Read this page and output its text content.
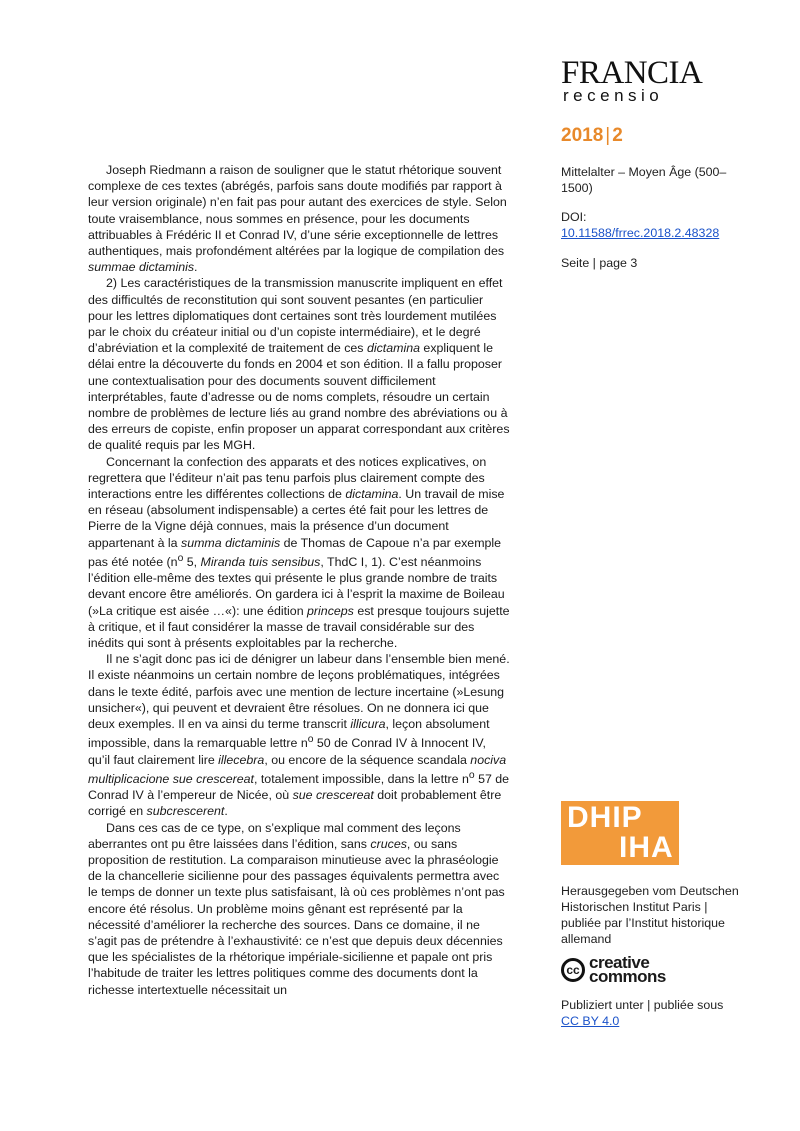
FRANCIA
recensio
2018 | 2
Mittelalter – Moyen Âge (500–1500)
DOI:
10.11588/frrec.2018.2.48328
Seite | page 3

Joseph Riedmann a raison de souligner que le statut rhétorique souvent complexe de ces textes (abrégés, parfois sans doute modifiés par rapport à leur version originale) n’en fait pas pour autant des exercices de style. Selon toute vraisemblance, nous sommes en présence, pour les documents attribuables à Frédéric II et Conrad IV, d’une série exceptionnelle de lettres authentiques, mais profondément altérées par la logique de compilation des summae dictaminis.

2) Les caractéristiques de la transmission manuscrite impliquent en effet des difficultés de reconstitution qui sont souvent pesantes (en particulier pour les lettres diplomatiques dont certaines sont très lourdement mutilées par le choix du créateur initial ou d’un copiste intermédiaire), et le degré d’abréviation et la complexité de traitement de ces dictamina expliquent le délai entre la découverte du fonds en 2004 et son édition. Il a fallu proposer une contextualisation pour des documents souvent difficilement interprétables, faute d’adresse ou de noms complets, résoudre un certain nombre de problèmes de lecture liés au grand nombre des abréviations ou à des erreurs de copiste, enfin proposer un apparat correspondant aux critères de qualité requis par les MGH.

Concernant la confection des apparats et des notices explicatives, on regrettera que l’éditeur n’ait pas tenu parfois plus clairement compte des interactions entre les différentes collections de dictamina. Un travail de mise en réseau (absolument indispensable) a certes été fait pour les lettres de Pierre de la Vigne déjà connues, mais la présence d’un document appartenant à la summa dictaminis de Thomas de Capoue n’a par exemple pas été notée ($n^o$ 5, Miranda tuis sensibus, ThdC I, 1). C’est néanmoins l’édition elle-même des textes qui présente le plus grande nombre de traits devant encore être améliorés. On gardera ici à l’esprit la maxime de Boileau (»La critique est aisée …«): une édition princeps est presque toujours sujette à critique, et il faut considérer la masse de travail considérable sur des inédits qui sont à présents exploitables par la recherche.

Il ne s’agit donc pas ici de dénigrer un labeur dans l’ensemble bien mené. Il existe néanmoins un certain nombre de leçons problématiques, intégrées dans le texte édité, parfois avec une mention de lecture incertaine (»Lesung unsicher«), qui peuvent et devraient être résolues. On ne donnera ici que deux exemples. Il en va ainsi du terme transcrit illicura, leçon absolument impossible, dans la remarquable lettre $n^o$ 50 de Conrad IV à Innocent IV, qu’il faut clairement lire illecebra, ou encore de la séquence scandala nociva multiplicacione sue crescereat, totalement impossible, dans la lettre $n^o$ 57 de Conrad IV à l’empereur de Nicée, où sue crescereat doit probablement être corrigé en subcrescerent.

Dans ces cas de ce type, on s’explique mal comment des leçons aberrantes ont pu être laissées dans l’édition, sans cruces, ou sans proposition de restitution. La comparaison minutieuse avec la phraséologie de la chancellerie sicilienne pour des passages équivalents permettra avec le temps de donner un texte plus satisfaisant, là où ces problèmes n’ont pas encore été résolus. Un problème moins gênant est représenté par la nécessité d’améliorer la recherche des sources. Dans ce domaine, il ne s’agit pas de prétendre à l’exhaustivité: ce n’est que depuis deux décennies que les spécialistes de la rhétorique impériale-sicilienne et papale ont pris l’habitude de traiter les lettres politiques comme des documents dont la richesse intertextuelle nécessitait un

DHIP
IHA
Herausgegeben vom Deutschen Historischen Institut Paris | publiée par l’Institut historique allemand
cc creative
commons
Publiziert unter | publiée sous
CC BY 4.0
